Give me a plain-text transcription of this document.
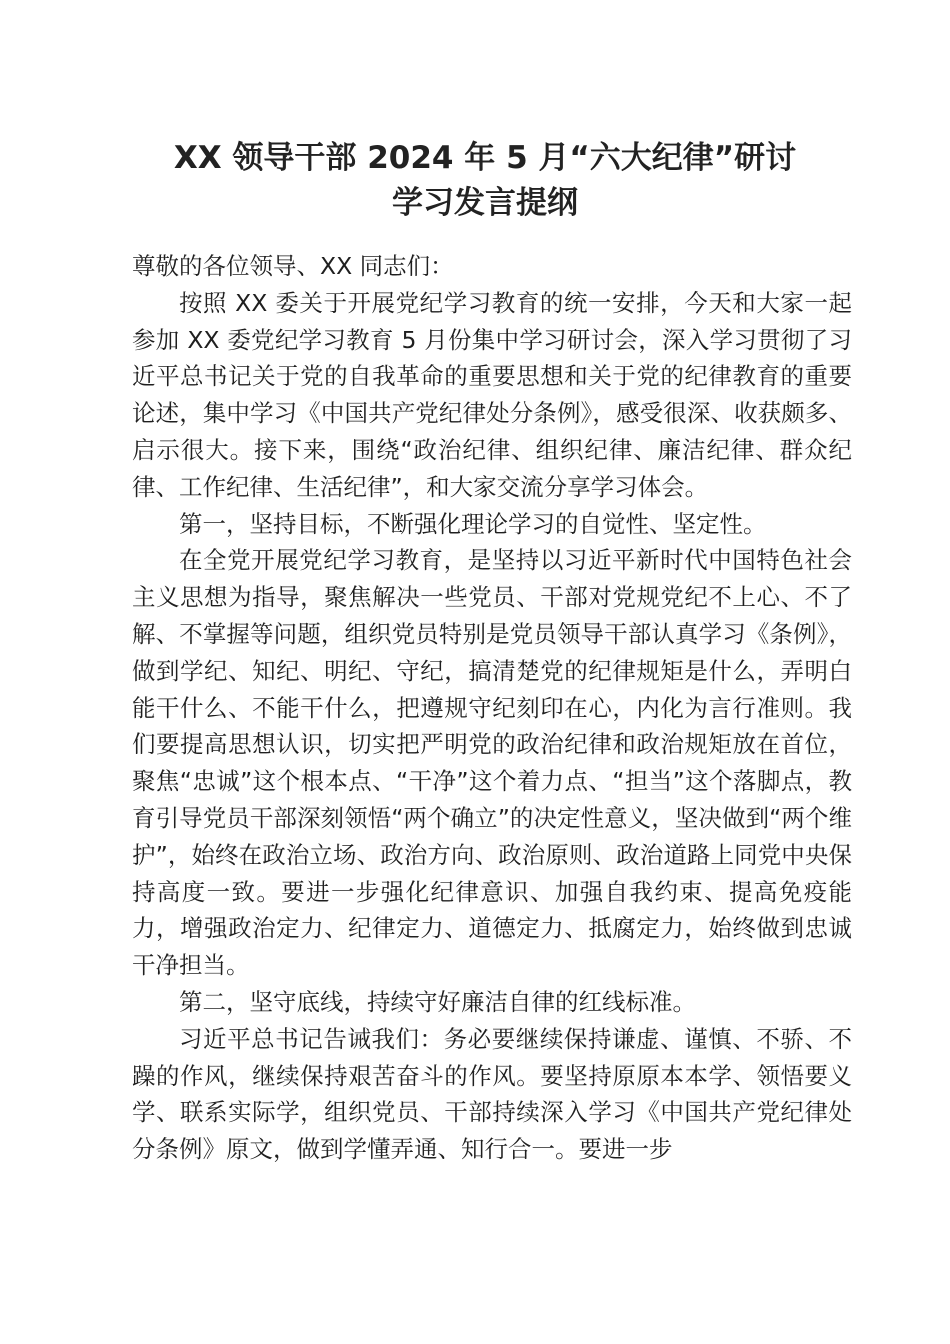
XX 领导干部 2024 年 5 月“六大纪律”研讨
学习发言提纲

尊敬的各位领导、XX 同志们：

按照 XX 委关于开展党纪学习教育的统一安排，今天和大家一起参加 XX 委党纪学习教育 5 月份集中学习研讨会，深入学习贯彻了习近平总书记关于党的自我革命的重要思想和关于党的纪律教育的重要论述，集中学习《中国共产党纪律处分条例》，感受很深、收获颇多、启示很大。接下来，围绕“政治纪律、组织纪律、廉洁纪律、群众纪律、工作纪律、生活纪律”，和大家交流分享学习体会。

第一，坚持目标，不断强化理论学习的自觉性、坚定性。

在全党开展党纪学习教育，是坚持以习近平新时代中国特色社会主义思想为指导，聚焦解决一些党员、干部对党规党纪不上心、不了解、不掌握等问题，组织党员特别是党员领导干部认真学习《条例》，做到学纪、知纪、明纪、守纪，搞清楚党的纪律规矩是什么，弄明白能干什么、不能干什么，把遵规守纪刻印在心，内化为言行准则。我们要提高思想认识，切实把严明党的政治纪律和政治规矩放在首位，聚焦“忠诚”这个根本点、“干净”这个着力点、“担当”这个落脚点，教育引导党员干部深刻领悟“两个确立”的决定性意义，坚决做到“两个维护”，始终在政治立场、政治方向、政治原则、政治道路上同党中央保持高度一致。要进一步强化纪律意识、加强自我约束、提高免疫能力，增强政治定力、纪律定力、道德定力、抵腐定力，始终做到忠诚干净担当。

第二，坚守底线，持续守好廉洁自律的红线标准。

习近平总书记告诫我们：务必要继续保持谦虚、谨慎、不骄、不躁的作风，继续保持艰苦奋斗的作风。要坚持原原本本学、领悟要义学、联系实际学，组织党员、干部持续深入学习《中国共产党纪律处分条例》原文，做到学懂弄通、知行合一。要进一步
